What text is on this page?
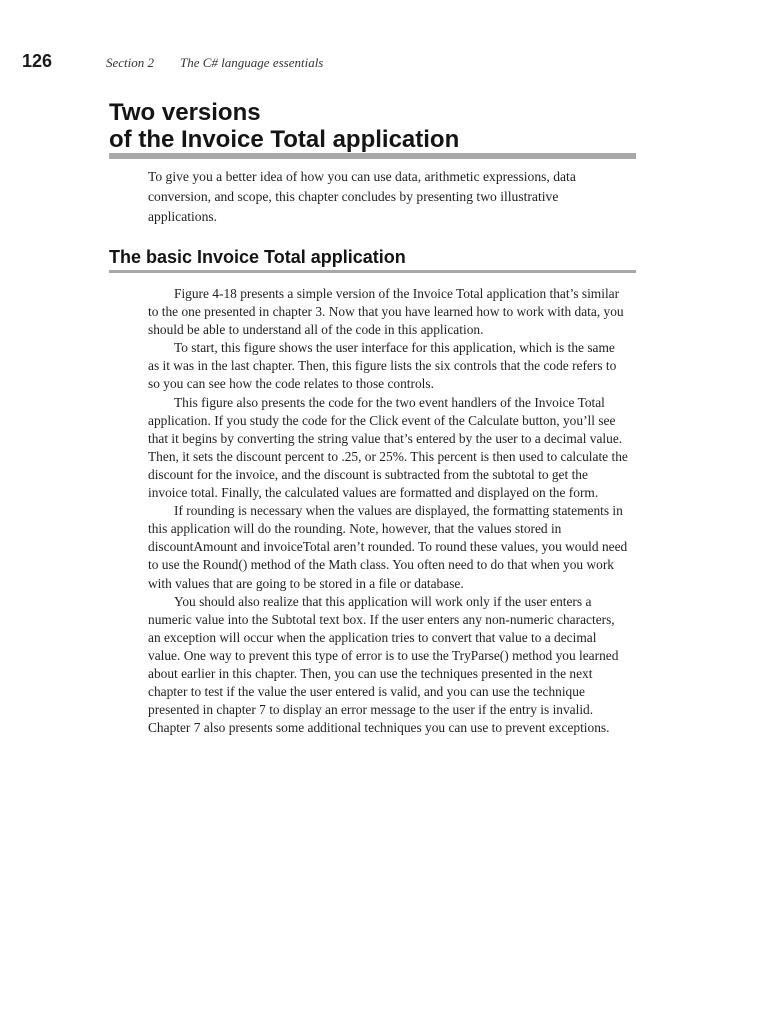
126	Section 2 The C# language essentials
Two versions
of the Invoice Total application

To give you a better idea of how you can use data, arithmetic expressions, data conversion, and scope, this chapter concludes by presenting two illustrative applications.

The basic Invoice Total application

Figure 4-18 presents a simple version of the Invoice Total application that’s similar to the one presented in chapter 3. Now that you have learned how to work with data, you should be able to understand all of the code in this application.

To start, this figure shows the user interface for this application, which is the same as it was in the last chapter. Then, this figure lists the six controls that the code refers to so you can see how the code relates to those controls.

This figure also presents the code for the two event handlers of the Invoice Total application. If you study the code for the Click event of the Calculate button, you’ll see that it begins by converting the string value that’s entered by the user to a decimal value. Then, it sets the discount percent to .25, or 25%. This percent is then used to calculate the discount for the invoice, and the discount is subtracted from the subtotal to get the invoice total. Finally, the calculated values are formatted and displayed on the form.

If rounding is necessary when the values are displayed, the formatting statements in this application will do the rounding. Note, however, that the values stored in discountAmount and invoiceTotal aren’t rounded. To round these values, you would need to use the Round() method of the Math class. You often need to do that when you work with values that are going to be stored in a file or database.

You should also realize that this application will work only if the user enters a numeric value into the Subtotal text box. If the user enters any non-numeric characters, an exception will occur when the application tries to convert that value to a decimal value. One way to prevent this type of error is to use the TryParse() method you learned about earlier in this chapter. Then, you can use the techniques presented in the next chapter to test if the value the user entered is valid, and you can use the technique presented in chapter 7 to display an error message to the user if the entry is invalid. Chapter 7 also presents some additional techniques you can use to prevent exceptions.
